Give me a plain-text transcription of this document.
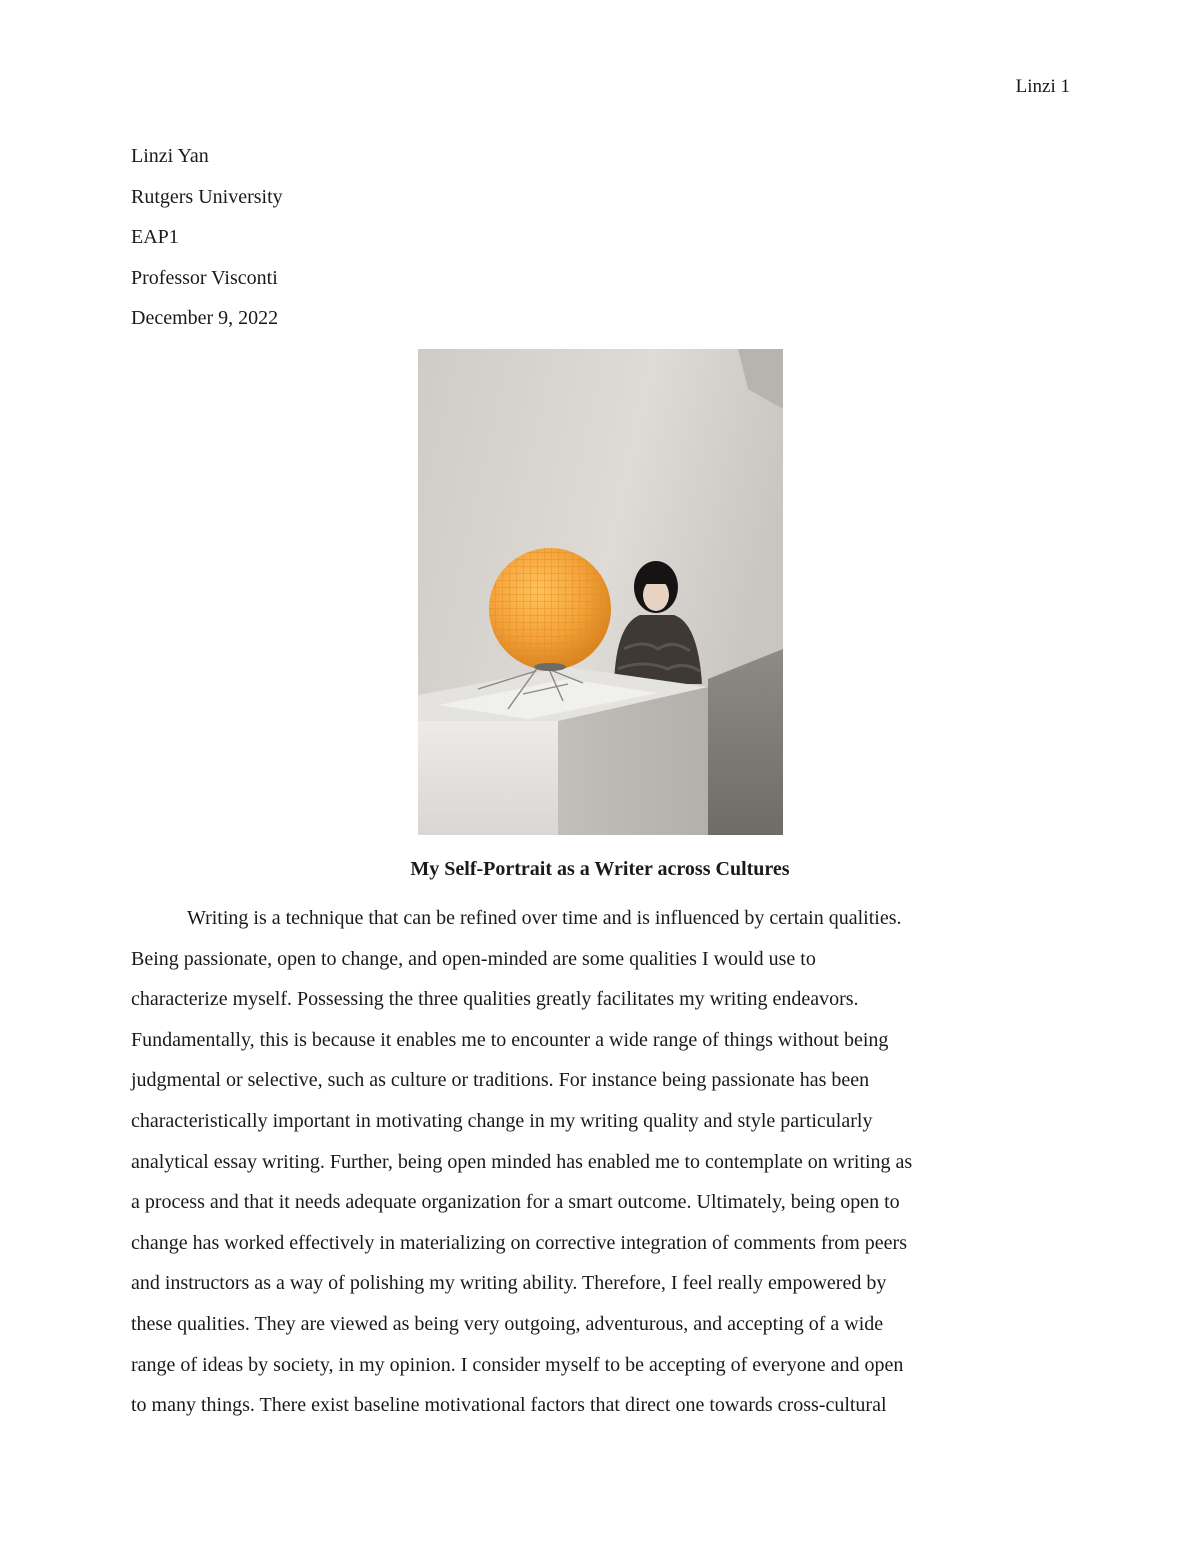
Linzi 1
Linzi Yan
Rutgers University
EAP1
Professor Visconti
December 9, 2022
My Self-Portrait as a Writer across Cultures
Writing is a technique that can be refined over time and is influenced by certain qualities.
Being passionate, open to change, and open-minded are some qualities I would use to
characterize myself. Possessing the three qualities greatly facilitates my writing endeavors.
Fundamentally, this is because it enables me to encounter a wide range of things without being
judgmental or selective, such as culture or traditions. For instance being passionate has been
characteristically important in motivating change in my writing quality and style particularly
analytical essay writing. Further, being open minded has enabled me to contemplate on writing as
a process and that it needs adequate organization for a smart outcome. Ultimately, being open to
change has worked effectively in materializing on corrective integration of comments from peers
and instructors as a way of polishing my writing ability. Therefore, I feel really empowered by
these qualities. They are viewed as being very outgoing, adventurous, and accepting of a wide
range of ideas by society, in my opinion. I consider myself to be accepting of everyone and open
to many things. There exist baseline motivational factors that direct one towards cross-cultural
